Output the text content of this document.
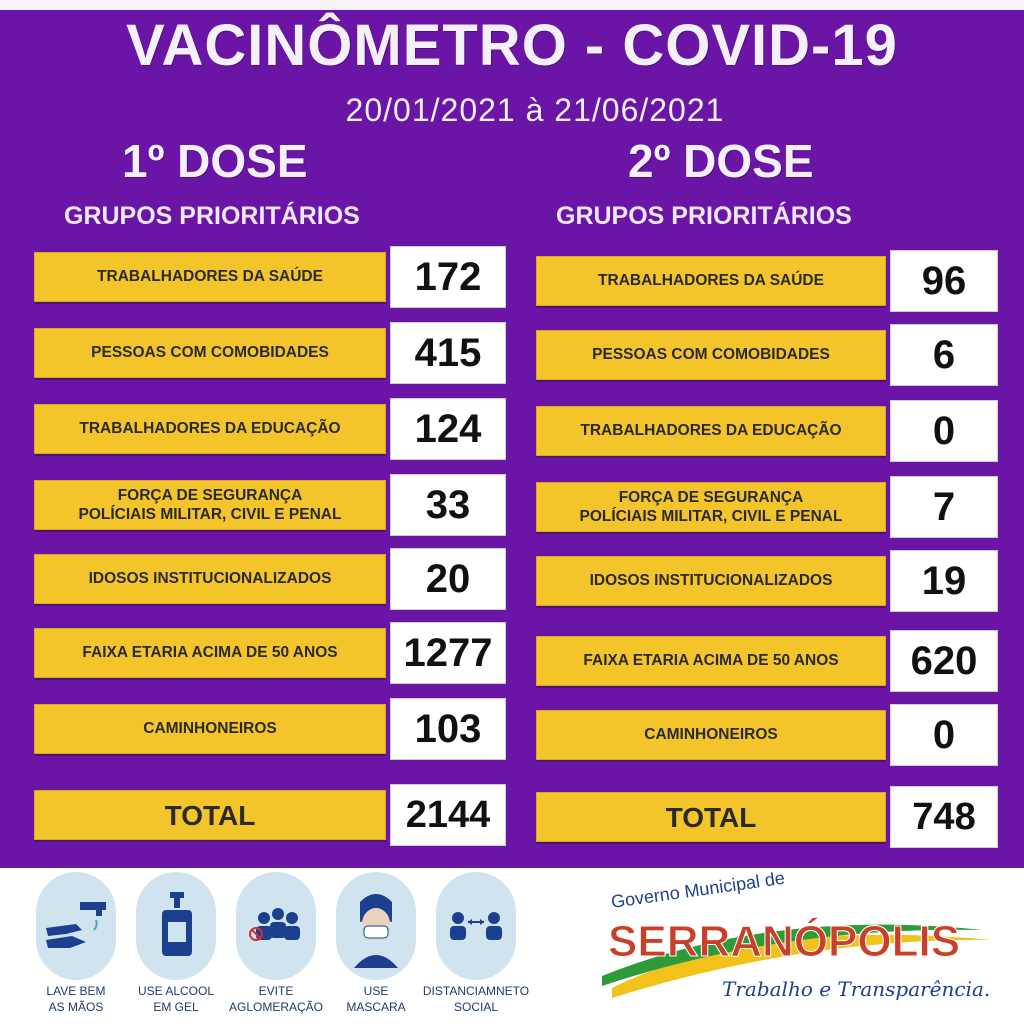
VACINÔMETRO - COVID-19
20/01/2021 à 21/06/2021
1º DOSE	2º DOSE
GRUPOS PRIORITÁRIOS	GRUPOS PRIORITÁRIOS
TRABALHADORES DA SAÚDE	172
PESSOAS COM COMOBIDADES	415
TRABALHADORES DA EDUCAÇÃO	124
FORÇA DE SEGURANÇA
POLÍCIAIS MILITAR, CIVIL E PENAL	33
IDOSOS INSTITUCIONALIZADOS	20
FAIXA ETARIA ACIMA DE 50 ANOS	1277
CAMINHONEIROS	103
TOTAL	2144
TRABALHADORES DA SAÚDE	96
PESSOAS COM COMOBIDADES	6
TRABALHADORES DA EDUCAÇÃO	0
FORÇA DE SEGURANÇA
POLÍCIAIS MILITAR, CIVIL E PENAL	7
IDOSOS INSTITUCIONALIZADOS	19
FAIXA ETARIA ACIMA DE 50 ANOS	620
CAMINHONEIROS	0
TOTAL	748
LAVE BEM
AS MÃOS
USE ALCOOL
EM GEL
EVITE
AGLOMERAÇÃO
USE
MASCARA
DISTANCIAMNETO
SOCIAL
Governo Municipal de
SERRANÓPOLIS
Trabalho e Transparência.
